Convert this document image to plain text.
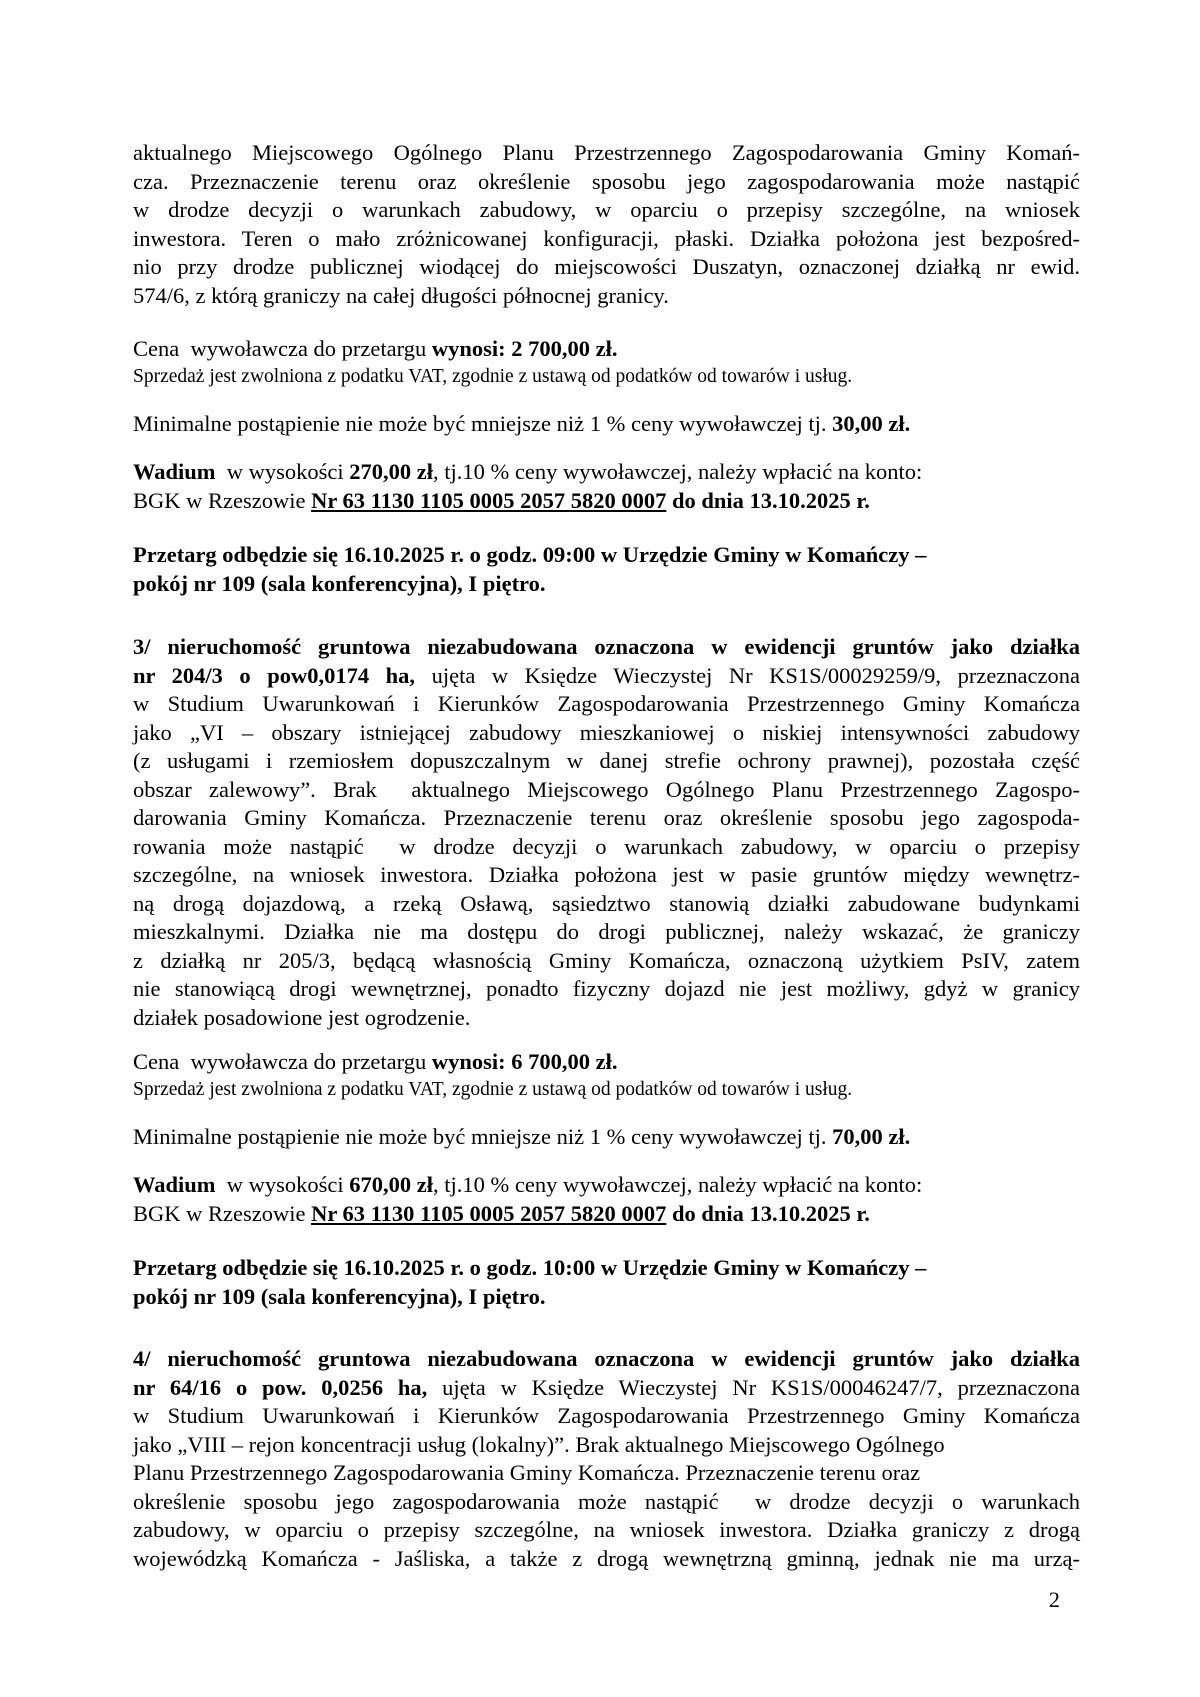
aktualnego Miejscowego Ogólnego Planu Przestrzennego Zagospodarowania Gminy Komań-
cza. Przeznaczenie terenu oraz określenie sposobu jego zagospodarowania może nastąpić
w drodze decyzji o warunkach zabudowy, w oparciu o przepisy szczególne, na wniosek
inwestora. Teren o mało zróżnicowanej konfiguracji, płaski. Działka położona jest bezpośred-
nio przy drodze publicznej wiodącej do miejscowości Duszatyn, oznaczonej działką nr ewid.
574/6, z którą graniczy na całej długości północnej granicy.
Cena  wywoławcza do przetargu wynosi: 2 700,00 zł.
Sprzedaż jest zwolniona z podatku VAT, zgodnie z ustawą od podatków od towarów i usług.
Minimalne postąpienie nie może być mniejsze niż 1 % ceny wywoławczej tj. 30,00 zł.
Wadium  w wysokości 270,00 zł, tj.10 % ceny wywoławczej, należy wpłacić na konto:
BGK w Rzeszowie Nr 63 1130 1105 0005 2057 5820 0007 do dnia 13.10.2025 r.
Przetarg odbędzie się 16.10.2025 r. o godz. 09:00 w Urzędzie Gminy w Komańczy –
pokój nr 109 (sala konferencyjna), I piętro.
3/ nieruchomość gruntowa niezabudowana oznaczona w ewidencji gruntów jako działka
nr 204/3 o pow0,0174 ha, ujęta w Księdze Wieczystej Nr KS1S/00029259/9, przeznaczona
w Studium Uwarunkowań i Kierunków Zagospodarowania Przestrzennego Gminy Komańcza
jako „VI – obszary istniejącej zabudowy mieszkaniowej o niskiej intensywności zabudowy
(z usługami i rzemiosłem dopuszczalnym w danej strefie ochrony prawnej), pozostała część
obszar zalewowy”. Brak  aktualnego Miejscowego Ogólnego Planu Przestrzennego Zagospo-
darowania Gminy Komańcza. Przeznaczenie terenu oraz określenie sposobu jego zagospoda-
rowania może nastąpić  w drodze decyzji o warunkach zabudowy, w oparciu o przepisy
szczególne, na wniosek inwestora. Działka położona jest w pasie gruntów między wewnętrz-
ną drogą dojazdową, a rzeką Osławą, sąsiedztwo stanowią działki zabudowane budynkami
mieszkalnymi. Działka nie ma dostępu do drogi publicznej, należy wskazać, że graniczy
z działką nr 205/3, będącą własnością Gminy Komańcza, oznaczoną użytkiem PsIV, zatem
nie stanowiącą drogi wewnętrznej, ponadto fizyczny dojazd nie jest możliwy, gdyż w granicy
działek posadowione jest ogrodzenie.
Cena  wywoławcza do przetargu wynosi: 6 700,00 zł.
Sprzedaż jest zwolniona z podatku VAT, zgodnie z ustawą od podatków od towarów i usług.
Minimalne postąpienie nie może być mniejsze niż 1 % ceny wywoławczej tj. 70,00 zł.
Wadium  w wysokości 670,00 zł, tj.10 % ceny wywoławczej, należy wpłacić na konto:
BGK w Rzeszowie Nr 63 1130 1105 0005 2057 5820 0007 do dnia 13.10.2025 r.
Przetarg odbędzie się 16.10.2025 r. o godz. 10:00 w Urzędzie Gminy w Komańczy –
pokój nr 109 (sala konferencyjna), I piętro.
4/ nieruchomość gruntowa niezabudowana oznaczona w ewidencji gruntów jako działka
nr 64/16 o pow. 0,0256 ha, ujęta w Księdze Wieczystej Nr KS1S/00046247/7, przeznaczona
w Studium Uwarunkowań i Kierunków Zagospodarowania Przestrzennego Gminy Komańcza
jako „VIII – rejon koncentracji usług (lokalny)”. Brak aktualnego Miejscowego Ogólnego
Planu Przestrzennego Zagospodarowania Gminy Komańcza. Przeznaczenie terenu oraz
określenie sposobu jego zagospodarowania może nastąpić  w drodze decyzji o warunkach
zabudowy, w oparciu o przepisy szczególne, na wniosek inwestora. Działka graniczy z drogą
wojewódzką Komańcza - Jaśliska, a także z drogą wewnętrzną gminną, jednak nie ma urzą-
2
